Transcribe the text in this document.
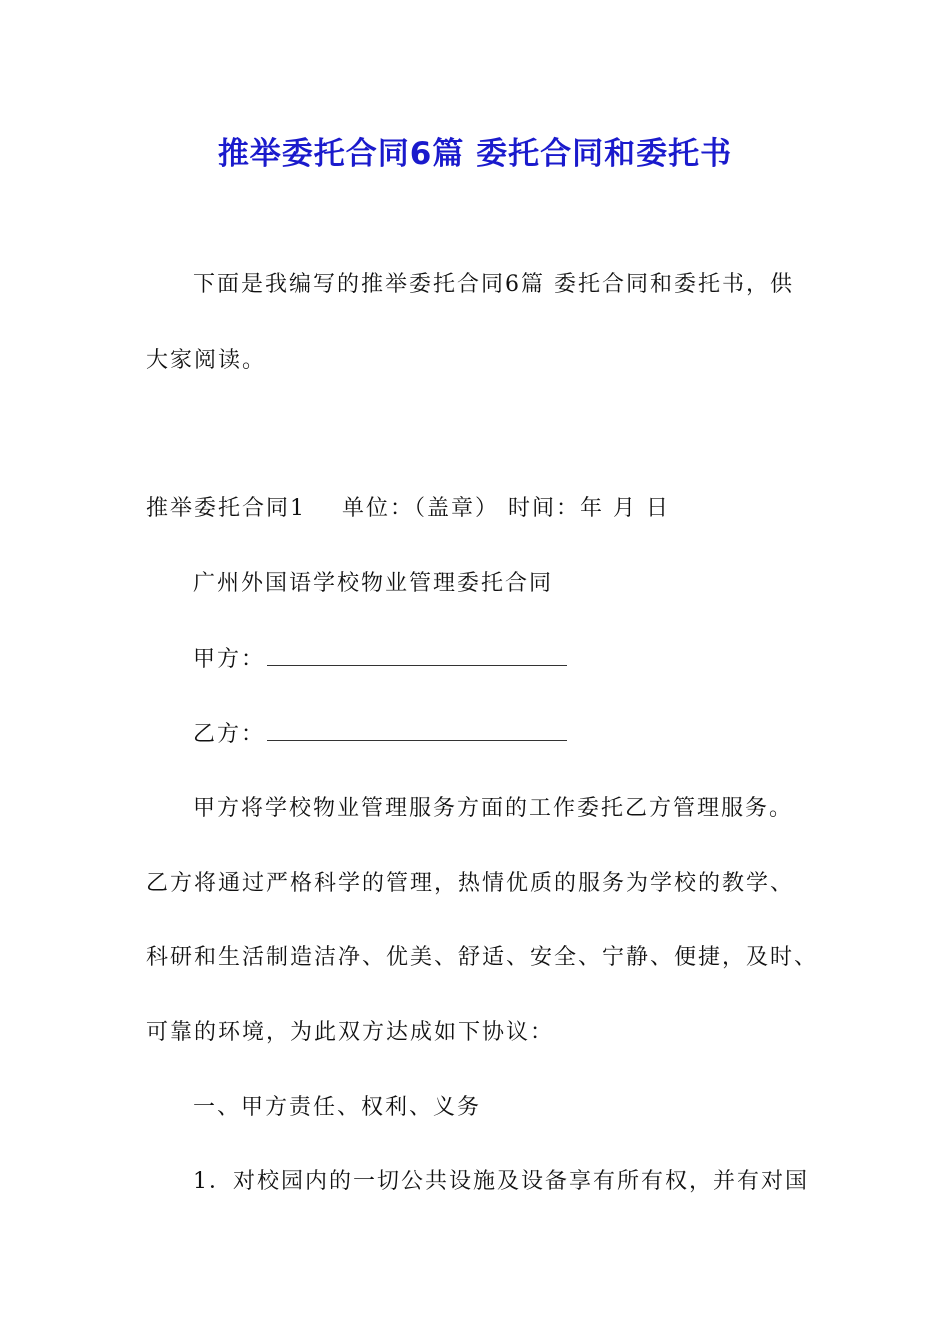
推举委托合同6篇 委托合同和委托书
下面是我编写的推举委托合同6篇 委托合同和委托书，供
大家阅读。
推举委托合同1 单位：（盖章） 时间：年 月 日
广州外国语学校物业管理委托合同
甲方：
乙方：
甲方将学校物业管理服务方面的工作委托乙方管理服务。
乙方将通过严格科学的管理，热情优质的服务为学校的教学、
科研和生活制造洁净、优美、舒适、安全、宁静、便捷，及时、
可靠的环境，为此双方达成如下协议：
一、甲方责任、权利、义务
1．对校园内的一切公共设施及设备享有所有权，并有对国
